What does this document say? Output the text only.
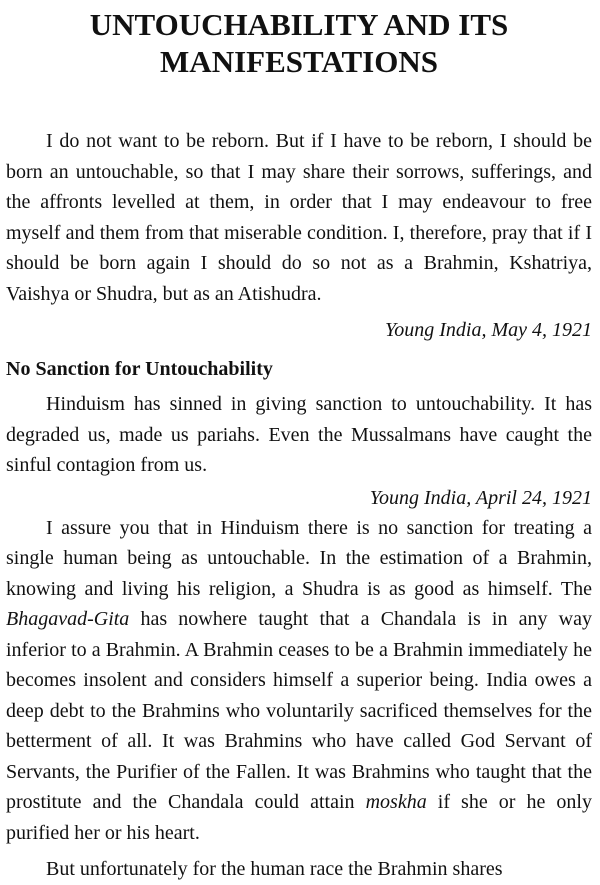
UNTOUCHABILITY AND ITS
MANIFESTATIONS

I do not want to be reborn. But if I have to be reborn, I should be born an untouchable, so that I may share their sorrows, sufferings, and the affronts levelled at them, in order that I may endeavour to free myself and them from that miserable condition. I, therefore, pray that if I should be born again I should do so not as a Brahmin, Kshatriya, Vaishya or Shudra, but as an Atishudra.

Young India, May 4, 1921

No Sanction for Untouchability

Hinduism has sinned in giving sanction to untouchability. It has degraded us, made us pariahs. Even the Mussalmans have caught the sinful contagion from us.

Young India, April 24, 1921

I assure you that in Hinduism there is no sanction for treating a single human being as untouchable. In the estimation of a Brahmin, knowing and living his religion, a Shudra is as good as himself. The Bhagavad-Gita has nowhere taught that a Chandala is in any way inferior to a Brahmin. A Brahmin ceases to be a Brahmin immediately he becomes insolent and considers himself a superior being. India owes a deep debt to the Brahmins who voluntarily sacrificed themselves for the betterment of all. It was Brahmins who have called God Servant of Servants, the Purifier of the Fallen. It was Brahmins who taught that the prostitute and the Chandala could attain moskha if she or he only purified her or his heart.

But unfortunately for the human race the Brahmin shares
